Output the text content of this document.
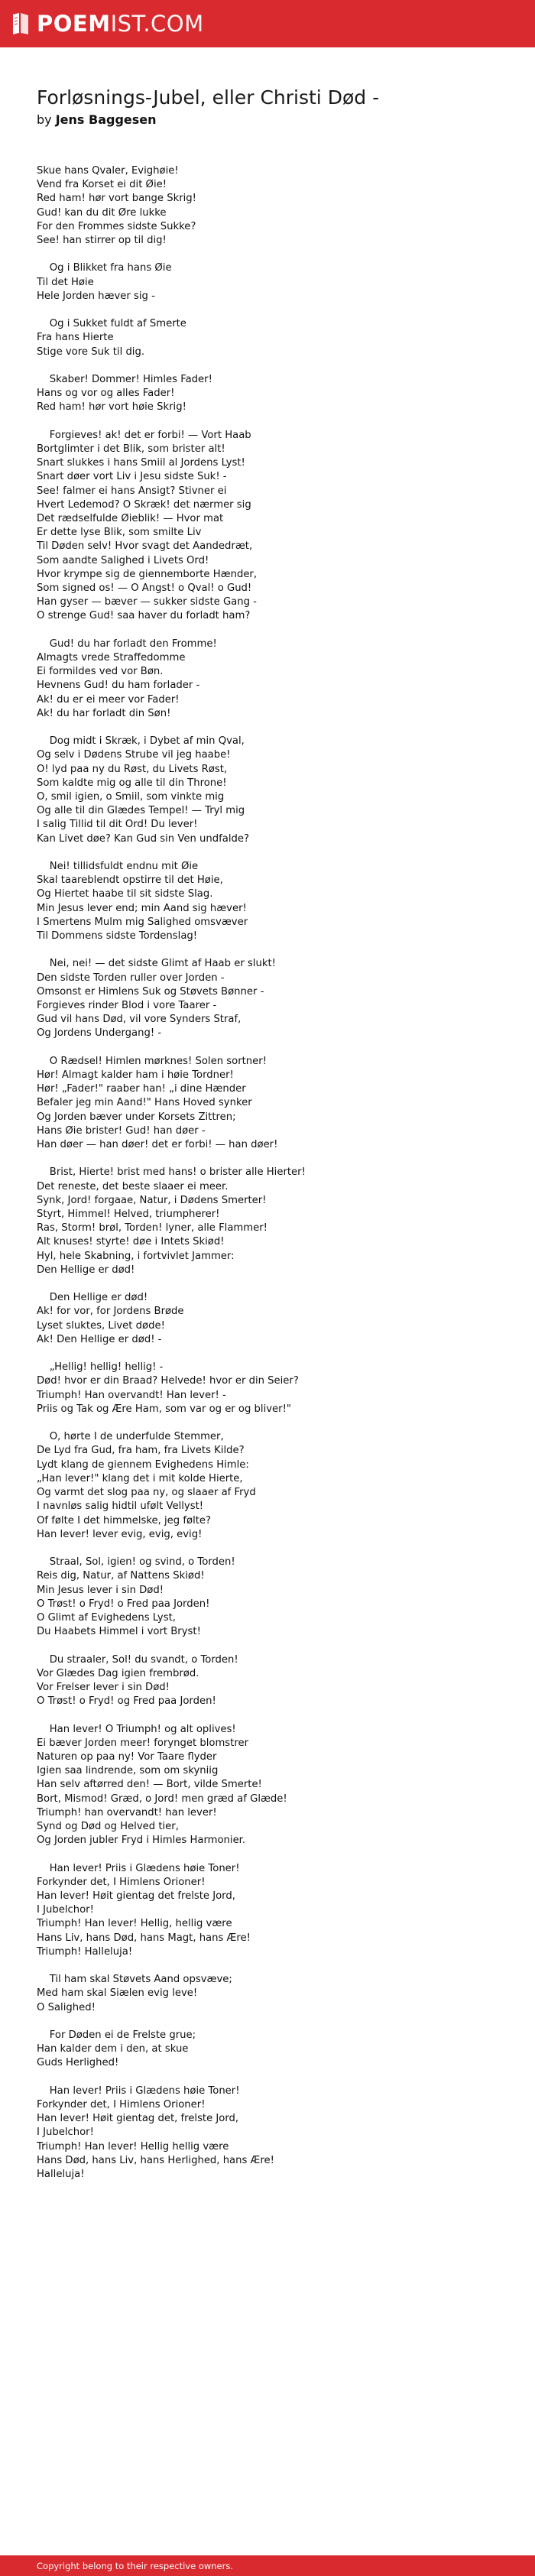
POEMIST.COM
Forløsnings-Jubel, eller Christi Død -
by Jens Baggesen
Skue hans Qvaler, Evighøie!
Vend fra Korset ei dit Øie!
Red ham! hør vort bange Skrig!
Gud! kan du dit Øre lukke
For den Frommes sidste Sukke?
See! han stirrer op til dig!
Og i Blikket fra hans Øie
Til det Høie
Hele Jorden hæver sig -
Og i Sukket fuldt af Smerte
Fra hans Hierte
Stige vore Suk til dig.
Skaber! Dommer! Himles Fader!
Hans og vor og alles Fader!
Red ham! hør vort høie Skrig!
Forgieves! ak! det er forbi! — Vort Haab
Bortglimter i det Blik, som brister alt!
Snart slukkes i hans Smiil al Jordens Lyst!
Snart døer vort Liv i Jesu sidste Suk! -
See! falmer ei hans Ansigt? Stivner ei
Hvert Ledemod? O Skræk! det nærmer sig
Det rædselfulde Øieblik! — Hvor mat
Er dette lyse Blik, som smilte Liv
Til Døden selv! Hvor svagt det Aandedræt,
Som aandte Salighed i Livets Ord!
Hvor krympe sig de giennemborte Hænder,
Som signed os! — O Angst! o Qval! o Gud!
Han gyser — bæver — sukker sidste Gang -
O strenge Gud! saa haver du forladt ham?
Gud! du har forladt den Fromme!
Almagts vrede Straffedomme
Ei formildes ved vor Bøn.
Hevnens Gud! du ham forlader -
Ak! du er ei meer vor Fader!
Ak! du har forladt din Søn!
Dog midt i Skræk, i Dybet af min Qval,
Og selv i Dødens Strube vil jeg haabe!
O! lyd paa ny du Røst, du Livets Røst,
Som kaldte mig og alle til din Throne!
O, smil igien, o Smiil, som vinkte mig
Og alle til din Glædes Tempel! — Tryl mig
I salig Tillid til dit Ord! Du lever!
Kan Livet døe? Kan Gud sin Ven undfalde?
Nei! tillidsfuldt endnu mit Øie
Skal taareblendt opstirre til det Høie,
Og Hiertet haabe til sit sidste Slag.
Min Jesus lever end; min Aand sig hæver!
I Smertens Mulm mig Salighed omsvæver
Til Dommens sidste Tordenslag!
Nei, nei! — det sidste Glimt af Haab er slukt!
Den sidste Torden ruller over Jorden -
Omsonst er Himlens Suk og Støvets Bønner -
Forgieves rinder Blod i vore Taarer -
Gud vil hans Død, vil vore Synders Straf,
Og Jordens Undergang! -
O Rædsel! Himlen mørknes! Solen sortner!
Hør! Almagt kalder ham i høie Tordner!
Hør! „Fader!" raaber han! „i dine Hænder
Befaler jeg min Aand!" Hans Hoved synker
Og Jorden bæver under Korsets Zittren;
Hans Øie brister! Gud! han døer -
Han døer — han døer! det er forbi! — han døer!
Brist, Hierte! brist med hans! o brister alle Hierter!
Det reneste, det beste slaaer ei meer.
Synk, Jord! forgaae, Natur, i Dødens Smerter!
Styrt, Himmel! Helved, triumpherer!
Ras, Storm! brøl, Torden! lyner, alle Flammer!
Alt knuses! styrte! døe i Intets Skiød!
Hyl, hele Skabning, i fortvivlet Jammer:
Den Hellige er død!
Den Hellige er død!
Ak! for vor, for Jordens Brøde
Lyset sluktes, Livet døde!
Ak! Den Hellige er død! -
„Hellig! hellig! hellig! -
Død! hvor er din Braad? Helvede! hvor er din Seier?
Triumph! Han overvandt! Han lever! -
Priis og Tak og Ære Ham, som var og er og bliver!"
O, hørte I de underfulde Stemmer,
De Lyd fra Gud, fra ham, fra Livets Kilde?
Lydt klang de giennem Evighedens Himle:
„Han lever!" klang det i mit kolde Hierte,
Og varmt det slog paa ny, og slaaer af Fryd
I navnløs salig hidtil ufølt Vellyst!
Of følte I det himmelske, jeg følte?
Han lever! lever evig, evig, evig!
Straal, Sol, igien! og svind, o Torden!
Reis dig, Natur, af Nattens Skiød!
Min Jesus lever i sin Død!
O Trøst! o Fryd! o Fred paa Jorden!
O Glimt af Evighedens Lyst,
Du Haabets Himmel i vort Bryst!
Du straaler, Sol! du svandt, o Torden!
Vor Glædes Dag igien frembrød.
Vor Frelser lever i sin Død!
O Trøst! o Fryd! og Fred paa Jorden!
Han lever! O Triumph! og alt oplives!
Ei bæver Jorden meer! forynget blomstrer
Naturen op paa ny! Vor Taare flyder
Igien saa lindrende, som om skyniig
Han selv aftørred den! — Bort, vilde Smerte!
Bort, Mismod! Græd, o Jord! men græd af Glæde!
Triumph! han overvandt! han lever!
Synd og Død og Helved tier,
Og Jorden jubler Fryd i Himles Harmonier.
Han lever! Priis i Glædens høie Toner!
Forkynder det, I Himlens Orioner!
Han lever! Høit gientag det frelste Jord,
I Jubelchor!
Triumph! Han lever! Hellig, hellig være
Hans Liv, hans Død, hans Magt, hans Ære!
Triumph! Halleluja!
Til ham skal Støvets Aand opsvæve;
Med ham skal Siælen evig leve!
O Salighed!
For Døden ei de Frelste grue;
Han kalder dem i den, at skue
Guds Herlighed!
Han lever! Priis i Glædens høie Toner!
Forkynder det, I Himlens Orioner!
Han lever! Høit gientag det, frelste Jord,
I Jubelchor!
Triumph! Han lever! Hellig hellig være
Hans Død, hans Liv, hans Herlighed, hans Ære!
Halleluja!
Copyright belong to their respective owners.
